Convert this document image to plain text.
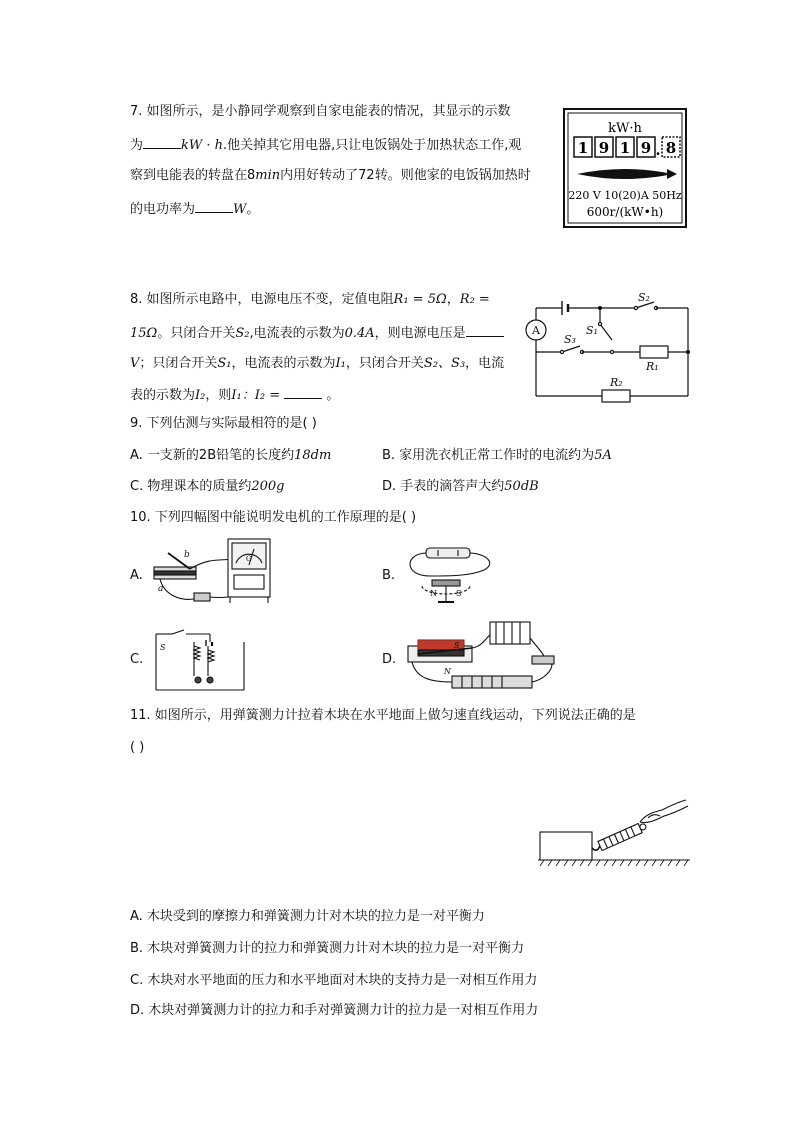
7. 如图所示，是小静同学观察到自家电能表的情况，其显示的示数
为	kW · h.他关掉其它用电器,只让电饭锅处于加热状态工作,观
察到电能表的转盘在8min内用好转动了72转。则他家的电饭锅加热时
的电功率为	W。
kW·h
1 9 1 9 . 8
220 V 10(20)A 50Hz
600r/(kW•h)
8. 如图所示电路中，电源电压不变，定值电阻R₁ = 5Ω，R₂ =
15Ω。只闭合开关S₂,电流表的示数为0.4A，则电源电压是
V；只闭合开关S₁，电流表的示数为I₁，只闭合开关S₂、S₃，电流
表的示数为I₂，则I₁：I₂ =	。
A
S₂
S₃
S₁
R₁
R₂
9. 下列估测与实际最相符的是( )
A. 一支新的2B铅笔的长度约18dm	B. 家用洗衣机正常工作时的电流约为5A
C. 物理课本的质量约200g	D. 手表的滴答声大约50dB
10. 下列四幅图中能说明发电机的工作原理的是( )
A.
b
a
G
B.
N S
C.
S
D.
S
N
11. 如图所示，用弹簧测力计拉着木块在水平地面上做匀速直线运动，下列说法正确的是
( )
A. 木块受到的摩擦力和弹簧测力计对木块的拉力是一对平衡力
B. 木块对弹簧测力计的拉力和弹簧测力计对木块的拉力是一对平衡力
C. 木块对水平地面的压力和水平地面对木块的支持力是一对相互作用力
D. 木块对弹簧测力计的拉力和手对弹簧测力计的拉力是一对相互作用力
